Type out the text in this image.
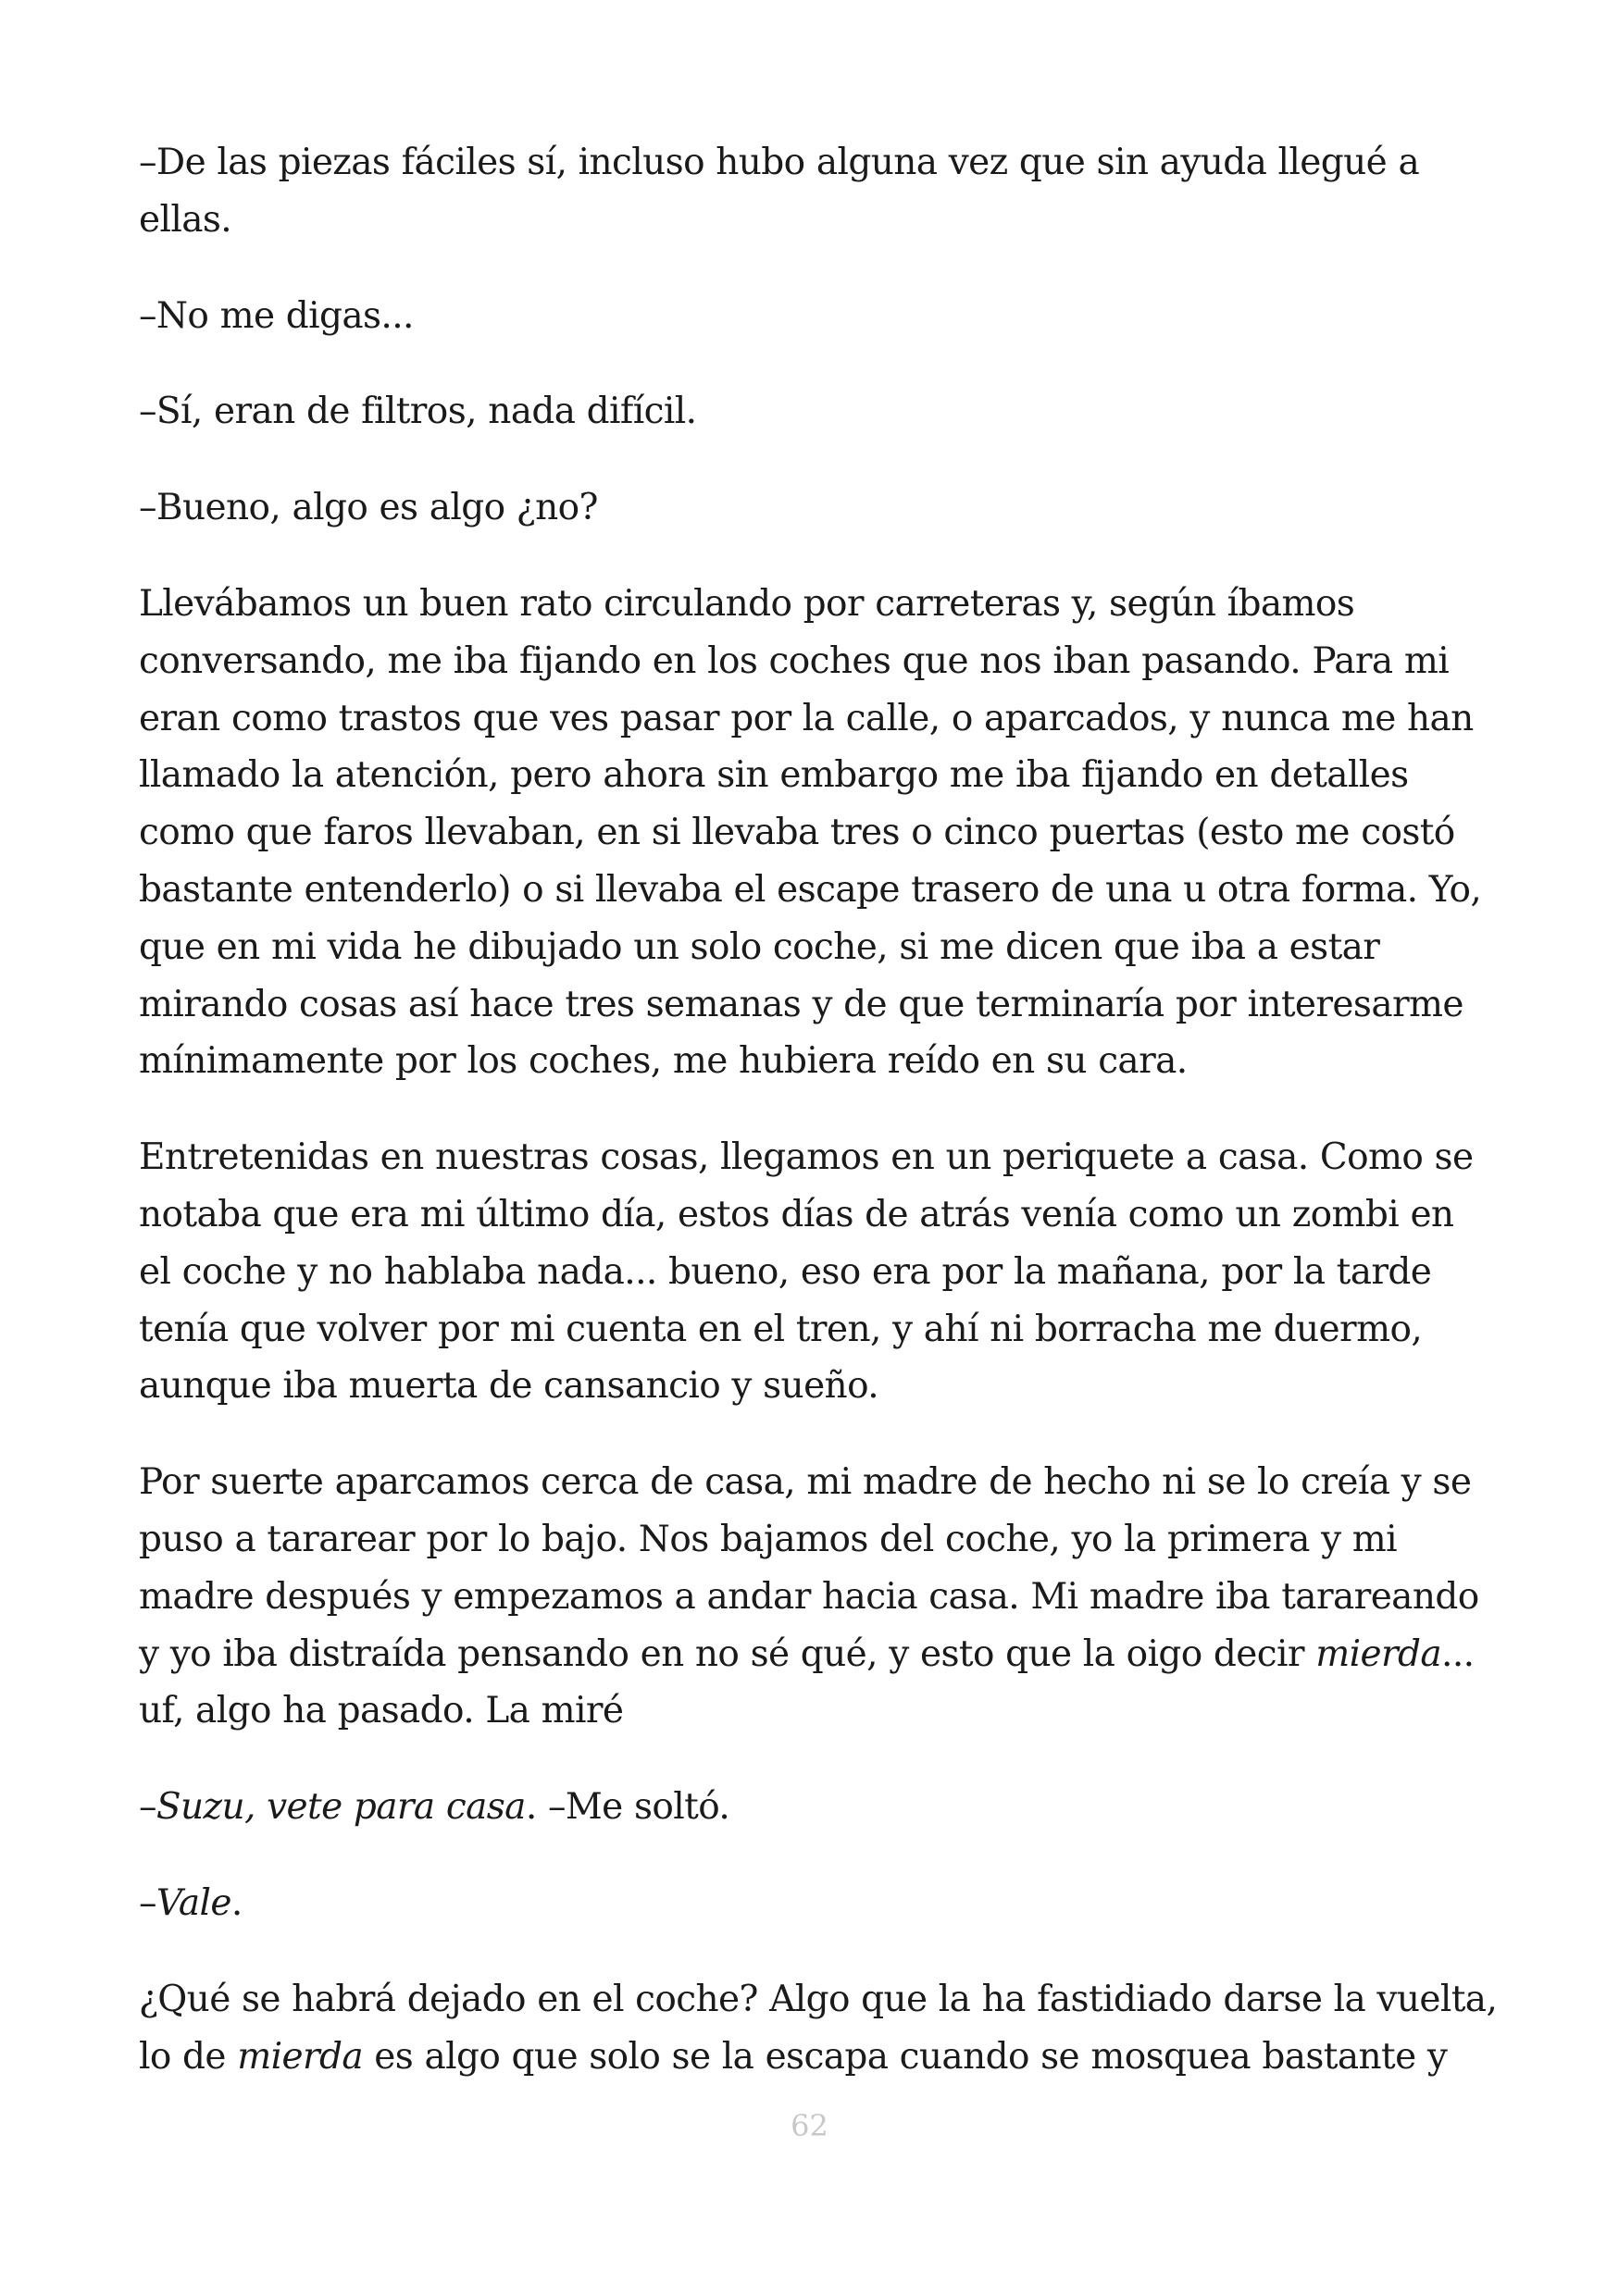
–De las piezas fáciles sí, incluso hubo alguna vez que sin ayuda llegué a
ellas.

–No me digas...

–Sí, eran de filtros, nada difícil.

–Bueno, algo es algo ¿no?

Llevábamos un buen rato circulando por carreteras y, según íbamos
conversando, me iba fijando en los coches que nos iban pasando. Para mi
eran como trastos que ves pasar por la calle, o aparcados, y nunca me han
llamado la atención, pero ahora sin embargo me iba fijando en detalles
como que faros llevaban, en si llevaba tres o cinco puertas (esto me costó
bastante entenderlo) o si llevaba el escape trasero de una u otra forma. Yo,
que en mi vida he dibujado un solo coche, si me dicen que iba a estar
mirando cosas así hace tres semanas y de que terminaría por interesarme
mínimamente por los coches, me hubiera reído en su cara.

Entretenidas en nuestras cosas, llegamos en un periquete a casa. Como se
notaba que era mi último día, estos días de atrás venía como un zombi en
el coche y no hablaba nada... bueno, eso era por la mañana, por la tarde
tenía que volver por mi cuenta en el tren, y ahí ni borracha me duermo,
aunque iba muerta de cansancio y sueño.

Por suerte aparcamos cerca de casa, mi madre de hecho ni se lo creía y se
puso a tararear por lo bajo. Nos bajamos del coche, yo la primera y mi
madre después y empezamos a andar hacia casa. Mi madre iba tarareando
y yo iba distraída pensando en no sé qué, y esto que la oigo decir mierda...
uf, algo ha pasado. La miré

–Suzu, vete para casa. –Me soltó.

–Vale.

¿Qué se habrá dejado en el coche? Algo que la ha fastidiado darse la vuelta,
lo de mierda es algo que solo se la escapa cuando se mosquea bastante y

62
